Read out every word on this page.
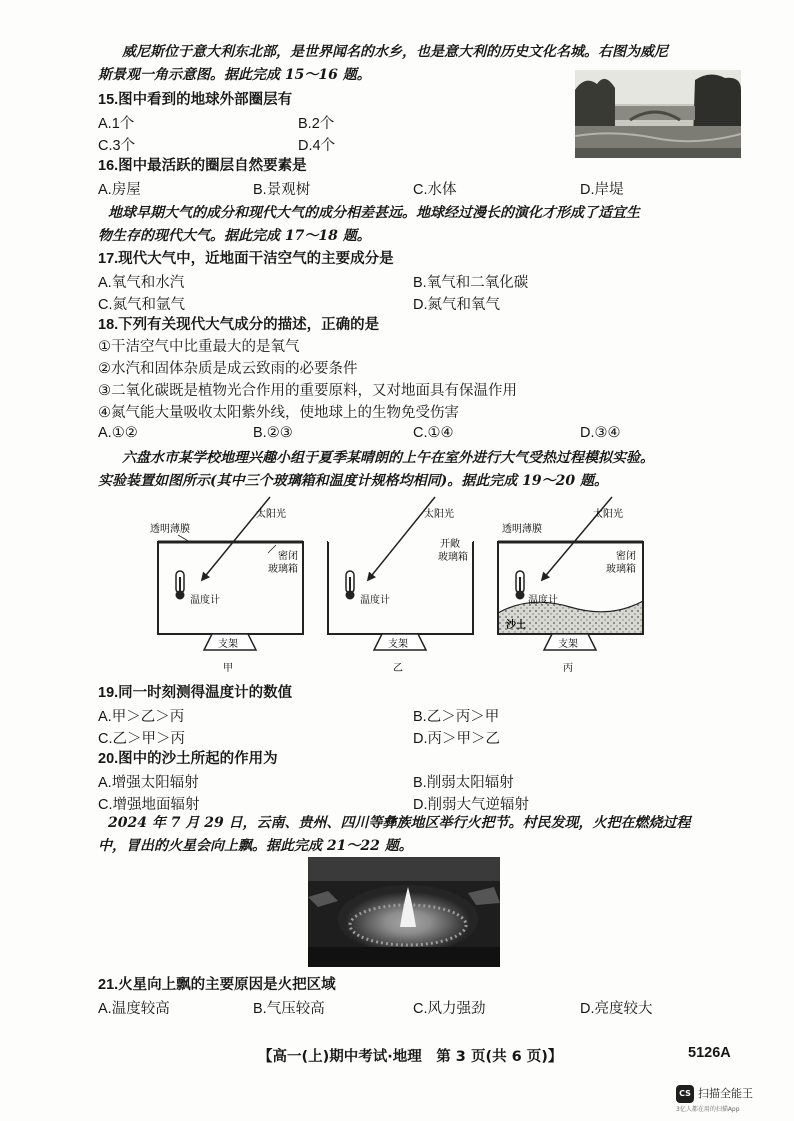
威尼斯位于意大利东北部，是世界闻名的水乡，也是意大利的历史文化名城。右图为威尼
斯景观一角示意图。据此完成 15～16 题。
15.图中看到的地球外部圈层有
A.1个	B.2个
C.3个	D.4个
16.图中最活跃的圈层自然要素是
A.房屋	B.景观树	C.水体	D.岸堤
地球早期大气的成分和现代大气的成分相差甚远。地球经过漫长的演化才形成了适宜生
物生存的现代大气。据此完成 17～18 题。
17.现代大气中，近地面干洁空气的主要成分是
A.氧气和水汽	B.氧气和二氧化碳
C.氮气和氩气	D.氮气和氧气
18.下列有关现代大气成分的描述，正确的是
①干洁空气中比重最大的是氧气
②水汽和固体杂质是成云致雨的必要条件
③二氧化碳既是植物光合作用的重要原料，又对地面具有保温作用
④氮气能大量吸收太阳紫外线，使地球上的生物免受伤害
A.①②	B.②③	C.①④	D.③④
六盘水市某学校地理兴趣小组于夏季某晴朗的上午在室外进行大气受热过程模拟实验。
实验装置如图所示(其中三个玻璃箱和温度计规格均相同)。据此完成 19～20 题。
透明薄膜
太阳光
密闭
玻璃箱
温度计
支架
甲
太阳光
开敞
玻璃箱
温度计
支架
乙
透明薄膜
太阳光
密闭
玻璃箱
温度计
沙土
支架
丙
19.同一时刻测得温度计的数值
A.甲＞乙＞丙	B.乙＞丙＞甲
C.乙＞甲＞丙	D.丙＞甲＞乙
20.图中的沙土所起的作用为
A.增强太阳辐射	B.削弱太阳辐射
C.增强地面辐射	D.削弱大气逆辐射
2024 年 7 月 29 日，云南、贵州、四川等彝族地区举行火把节。村民发现，火把在燃烧过程
中，冒出的火星会向上飘。据此完成 21～22 题。
21.火星向上飘的主要原因是火把区域
A.温度较高	B.气压较高	C.风力强劲	D.亮度较大
【高一(上)期中考试·地理　第 3 页(共 6 页)】	5126A
CS 扫描全能王
3亿人都在用的扫描App
